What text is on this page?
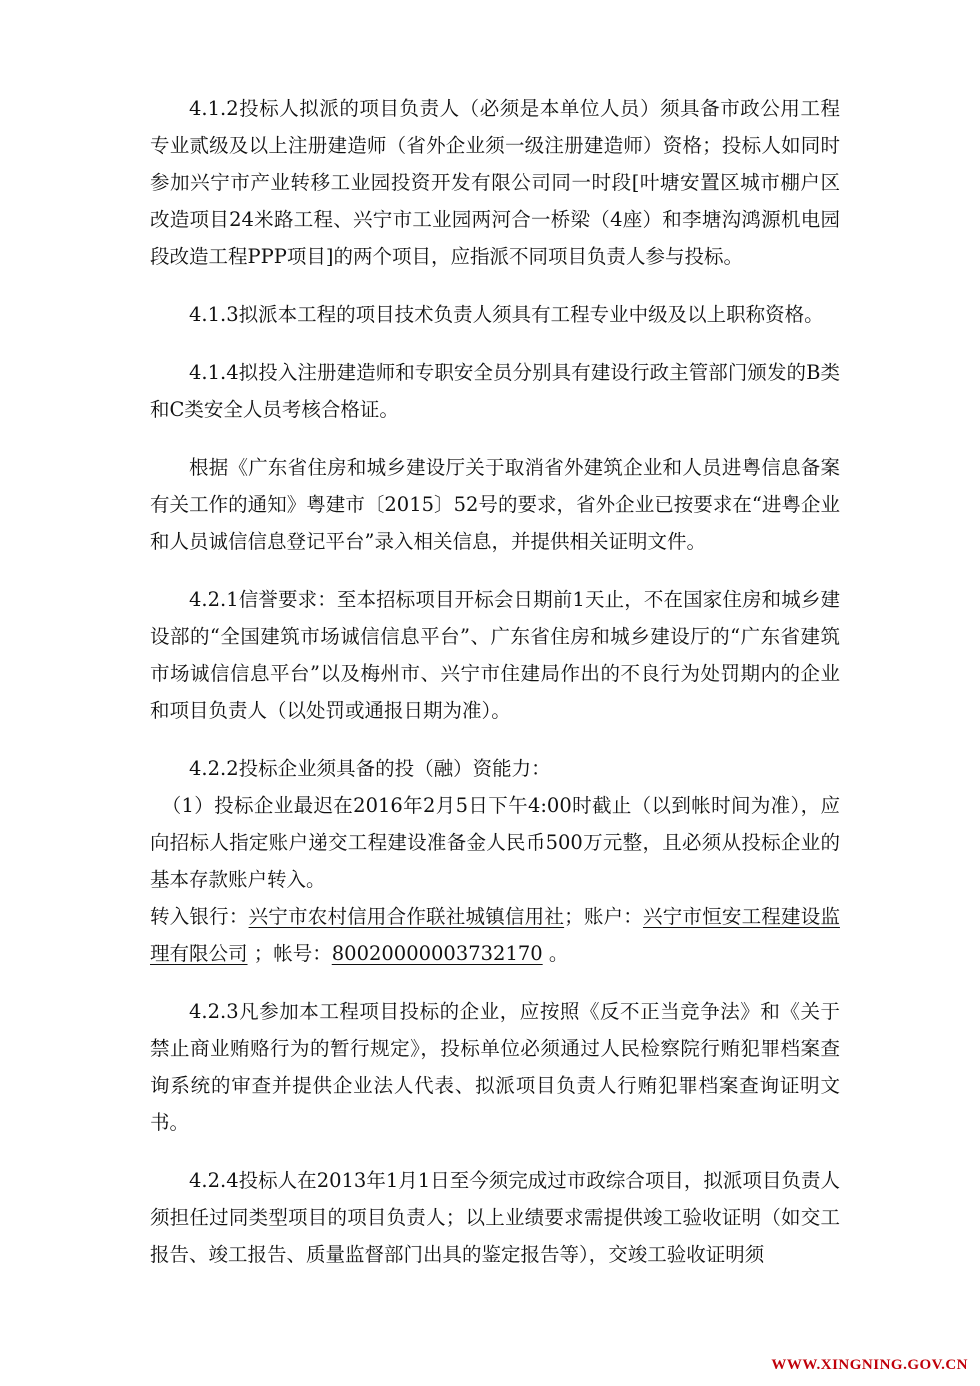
4.1.2投标人拟派的项目负责人（必须是本单位人员）须具备市政公用工程专业贰级及以上注册建造师（省外企业须一级注册建造师）资格；投标人如同时参加兴宁市产业转移工业园投资开发有限公司同一时段[叶塘安置区城市棚户区改造项目24米路工程、兴宁市工业园两河合一桥梁（4座）和李塘沟鸿源机电园段改造工程PPP项目]的两个项目，应指派不同项目负责人参与投标。

4.1.3拟派本工程的项目技术负责人须具有工程专业中级及以上职称资格。

4.1.4拟投入注册建造师和专职安全员分别具有建设行政主管部门颁发的B类和C类安全人员考核合格证。

根据《广东省住房和城乡建设厅关于取消省外建筑企业和人员进粤信息备案有关工作的通知》粤建市〔2015〕52号的要求，省外企业已按要求在“进粤企业和人员诚信信息登记平台”录入相关信息，并提供相关证明文件。

4.2.1信誉要求：至本招标项目开标会日期前1天止，不在国家住房和城乡建设部的“全国建筑市场诚信信息平台”、广东省住房和城乡建设厅的“广东省建筑市场诚信信息平台”以及梅州市、兴宁市住建局作出的不良行为处罚期内的企业和项目负责人（以处罚或通报日期为准）。

4.2.2投标企业须具备的投（融）资能力：

（1）投标企业最迟在2016年2月5日下午4:00时截止（以到帐时间为准），应向招标人指定账户递交工程建设准备金人民币500万元整，且必须从投标企业的基本存款账户转入。

转入银行：兴宁市农村信用合作联社城镇信用社；账户：兴宁市恒安工程建设监理有限公司 ；帐号：80020000003732170 。

4.2.3凡参加本工程项目投标的企业，应按照《反不正当竞争法》和《关于禁止商业贿赂行为的暂行规定》，投标单位必须通过人民检察院行贿犯罪档案查询系统的审查并提供企业法人代表、拟派项目负责人行贿犯罪档案查询证明文书。

4.2.4投标人在2013年1月1日至今须完成过市政综合项目，拟派项目负责人须担任过同类型项目的项目负责人；以上业绩要求需提供竣工验收证明（如交工报告、竣工报告、质量监督部门出具的鉴定报告等），交竣工验收证明须

WWW.XINGNING.GOV.CN
